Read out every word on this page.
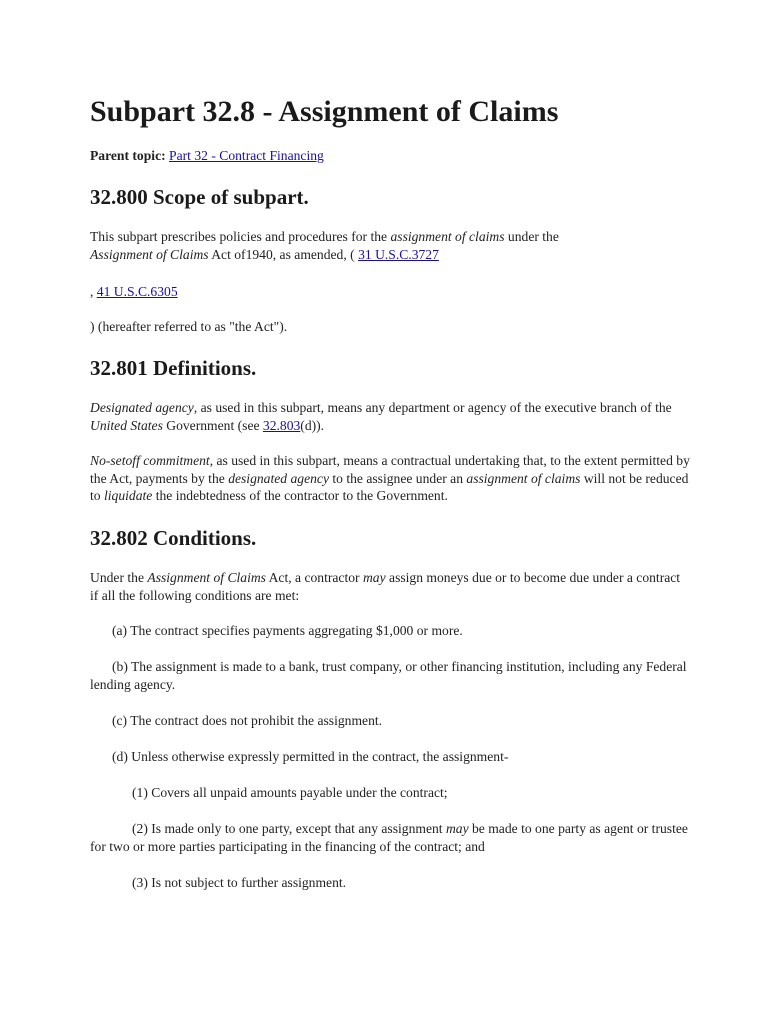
Subpart 32.8 - Assignment of Claims

Parent topic: Part 32 - Contract Financing

32.800 Scope of subpart.

This subpart prescribes policies and procedures for the assignment of claims under the
Assignment of Claims Act of1940, as amended, ( 31 U.S.C.3727

, 41 U.S.C.6305

) (hereafter referred to as "the Act").

32.801 Definitions.

Designated agency, as used in this subpart, means any department or agency of the executive branch of the United States Government (see 32.803(d)).

No-setoff commitment, as used in this subpart, means a contractual undertaking that, to the extent permitted by the Act, payments by the designated agency to the assignee under an assignment of claims will not be reduced to liquidate the indebtedness of the contractor to the Government.

32.802 Conditions.

Under the Assignment of Claims Act, a contractor may assign moneys due or to become due under a contract if all the following conditions are met:

(a) The contract specifies payments aggregating $1,000 or more.

(b) The assignment is made to a bank, trust company, or other financing institution, including any Federal lending agency.

(c) The contract does not prohibit the assignment.

(d) Unless otherwise expressly permitted in the contract, the assignment-

(1) Covers all unpaid amounts payable under the contract;

(2) Is made only to one party, except that any assignment may be made to one party as agent or trustee for two or more parties participating in the financing of the contract; and

(3) Is not subject to further assignment.
